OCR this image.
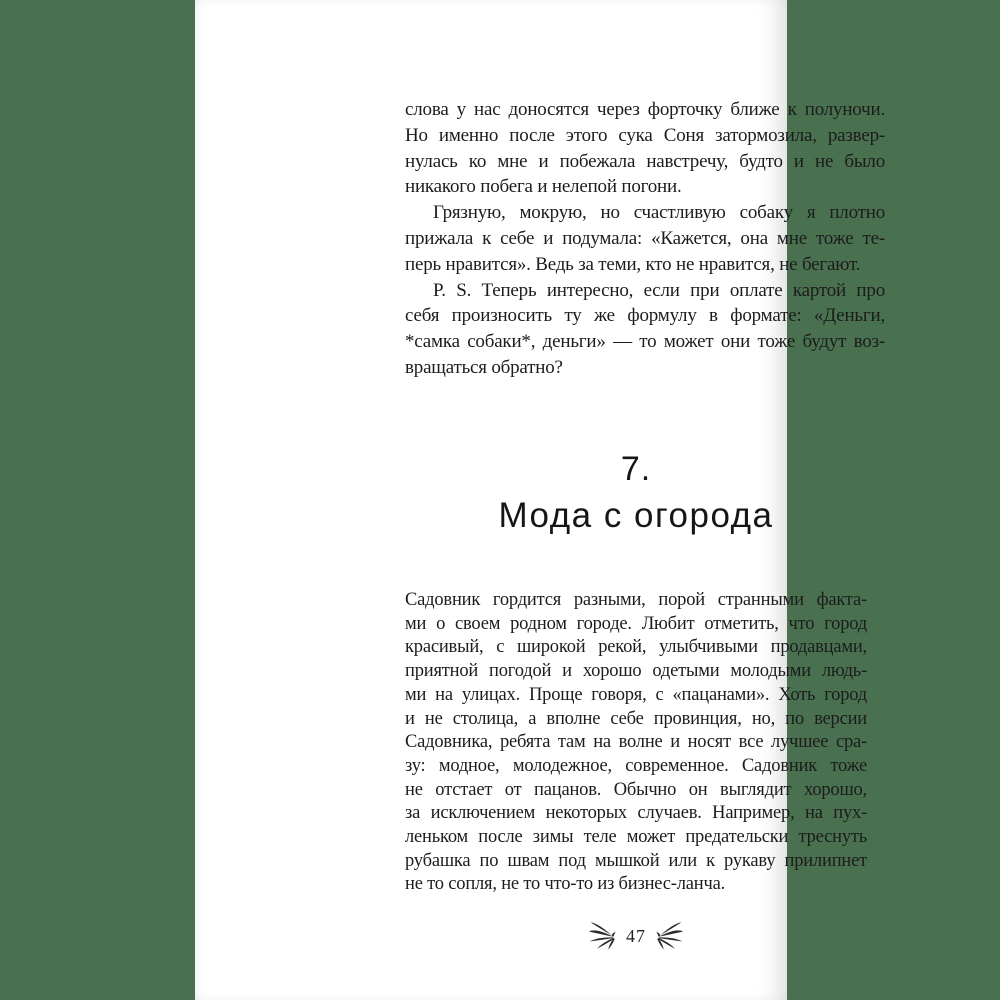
слова у нас доносятся через форточку ближе к полуночи.
Но именно после этого сука Соня затормозила, развер-
нулась ко мне и побежала навстречу, будто и не было
никакого побега и нелепой погони.
Грязную, мокрую, но счастливую собаку я плотно
прижала к себе и подумала: «Кажется, она мне тоже те-
перь нравится». Ведь за теми, кто не нравится, не бегают.
P. S. Теперь интересно, если при оплате картой про
себя произносить ту же формулу в формате: «Деньги,
*самка собаки*, деньги» — то может они тоже будут воз-
вращаться обратно?
7.
Мода с огорода
Садовник гордится разными, порой странными факта-
ми о своем родном городе. Любит отметить, что город
красивый, с широкой рекой, улыбчивыми продавцами,
приятной погодой и хорошо одетыми молодыми людь-
ми на улицах. Проще говоря, с «пацанами». Хоть город
и не столица, а вполне себе провинция, но, по версии
Садовника, ребята там на волне и носят все лучшее сра-
зу: модное, молодежное, современное. Садовник тоже
не отстает от пацанов. Обычно он выглядит хорошо,
за исключением некоторых случаев. Например, на пух-
леньком после зимы теле может предательски треснуть
рубашка по швам под мышкой или к рукаву прилипнет
не то сопля, не то что-то из бизнес-ланча.
47
